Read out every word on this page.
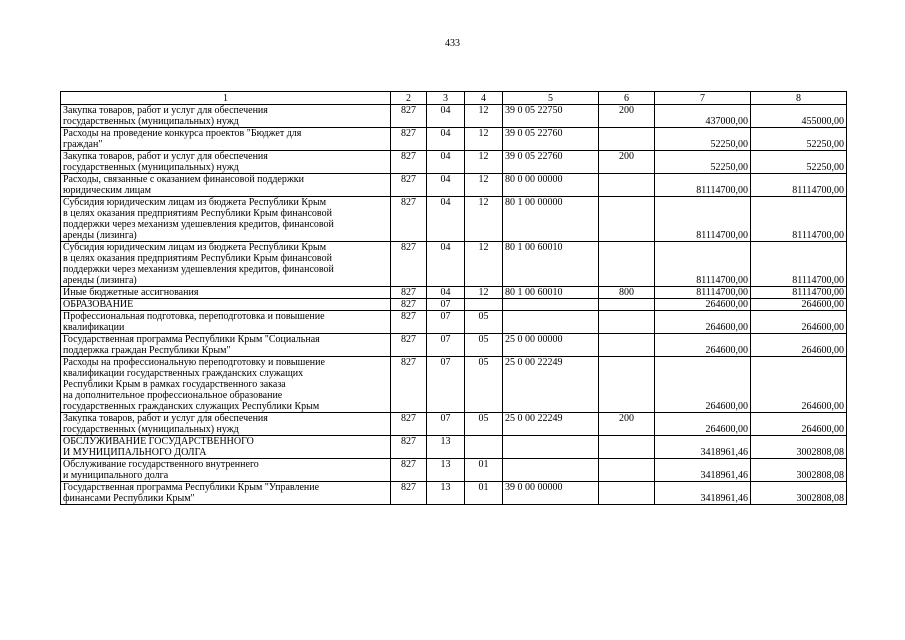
433
1	2	3	4	5	6	7	8
Закупка товаров, работ и услуг для обеспечения
государственных (муниципальных) нужд	827	04	12	39 0 05 22750	200	437000,00	455000,00
Расходы на проведение конкурса проектов "Бюджет для
граждан"	827	04	12	39 0 05 22760		52250,00	52250,00
Закупка товаров, работ и услуг для обеспечения
государственных (муниципальных) нужд	827	04	12	39 0 05 22760	200	52250,00	52250,00
Расходы, связанные с оказанием финансовой поддержки
юридическим лицам	827	04	12	80 0 00 00000		81114700,00	81114700,00
Субсидия юридическим лицам из бюджета Республики Крым
в целях оказания предприятиям Республики Крым финансовой
поддержки через механизм удешевления кредитов, финансовой
аренды (лизинга)	827	04	12	80 1 00 00000		81114700,00	81114700,00
Субсидия юридическим лицам из бюджета Республики Крым
в целях оказания предприятиям Республики Крым финансовой
поддержки через механизм удешевления кредитов, финансовой
аренды (лизинга)	827	04	12	80 1 00 60010		81114700,00	81114700,00
Иные бюджетные ассигнования	827	04	12	80 1 00 60010	800	81114700,00	81114700,00
ОБРАЗОВАНИЕ	827	07				264600,00	264600,00
Профессиональная подготовка, переподготовка и повышение
квалификации	827	07	05			264600,00	264600,00
Государственная программа Республики Крым "Социальная
поддержка граждан Республики Крым"	827	07	05	25 0 00 00000		264600,00	264600,00
Расходы на профессиональную переподготовку и повышение
квалификации государственных гражданских служащих
Республики Крым в рамках государственного заказа
на дополнительное профессиональное образование
государственных гражданских служащих Республики Крым	827	07	05	25 0 00 22249		264600,00	264600,00
Закупка товаров, работ и услуг для обеспечения
государственных (муниципальных) нужд	827	07	05	25 0 00 22249	200	264600,00	264600,00
ОБСЛУЖИВАНИЕ ГОСУДАРСТВЕННОГО
И МУНИЦИПАЛЬНОГО ДОЛГА	827	13				3418961,46	3002808,08
Обслуживание государственного внутреннего
и муниципального долга	827	13	01			3418961,46	3002808,08
Государственная программа Республики Крым "Управление
финансами Республики Крым"	827	13	01	39 0 00 00000		3418961,46	3002808,08
